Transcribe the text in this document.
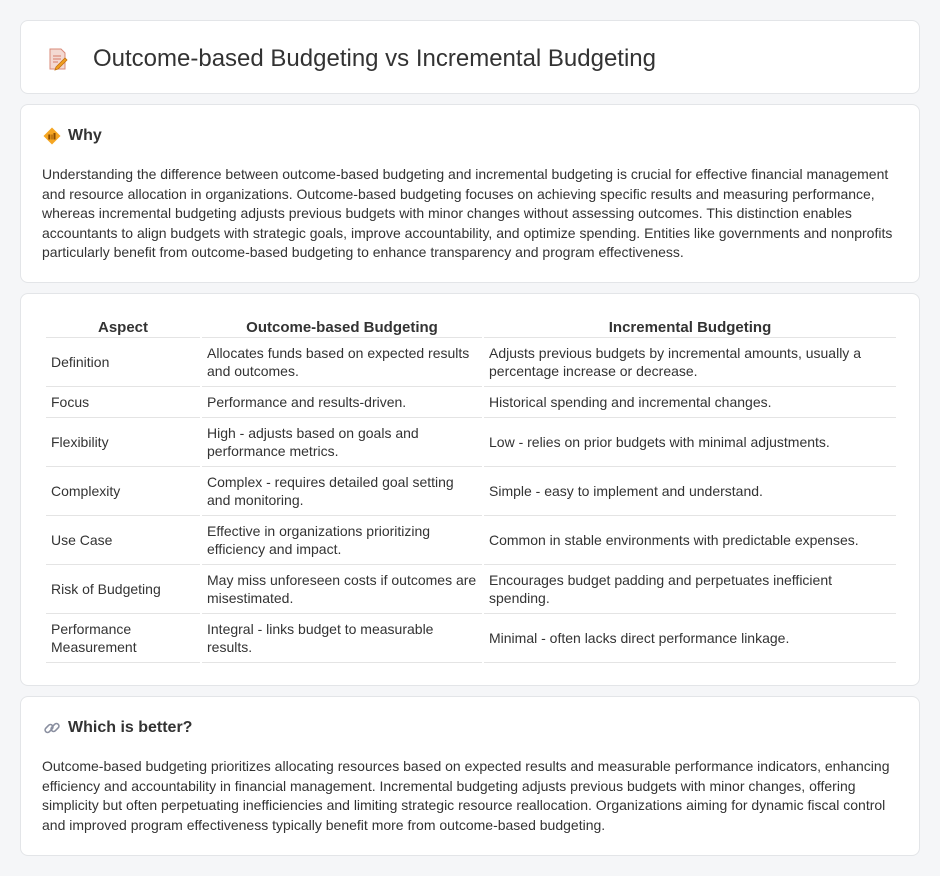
Outcome-based Budgeting vs Incremental Budgeting
Why

Understanding the difference between outcome-based budgeting and incremental budgeting is crucial for effective financial management and resource allocation in organizations. Outcome-based budgeting focuses on achieving specific results and measuring performance, whereas incremental budgeting adjusts previous budgets with minor changes without assessing outcomes. This distinction enables accountants to align budgets with strategic goals, improve accountability, and optimize spending. Entities like governments and nonprofits particularly benefit from outcome-based budgeting to enhance transparency and program effectiveness.

Aspect	Outcome-based Budgeting	Incremental Budgeting
Definition	Allocates funds based on expected results and outcomes.	Adjusts previous budgets by incremental amounts, usually a percentage increase or decrease.
Focus	Performance and results-driven.	Historical spending and incremental changes.
Flexibility	High - adjusts based on goals and performance metrics.	Low - relies on prior budgets with minimal adjustments.
Complexity	Complex - requires detailed goal setting and monitoring.	Simple - easy to implement and understand.
Use Case	Effective in organizations prioritizing efficiency and impact.	Common in stable environments with predictable expenses.
Risk of Budgeting	May miss unforeseen costs if outcomes are misestimated.	Encourages budget padding and perpetuates inefficient spending.
Performance Measurement	Integral - links budget to measurable results.	Minimal - often lacks direct performance linkage.
Which is better?

Outcome-based budgeting prioritizes allocating resources based on expected results and measurable performance indicators, enhancing efficiency and accountability in financial management. Incremental budgeting adjusts previous budgets with minor changes, offering simplicity but often perpetuating inefficiencies and limiting strategic resource reallocation. Organizations aiming for dynamic fiscal control and improved program effectiveness typically benefit more from outcome-based budgeting.
